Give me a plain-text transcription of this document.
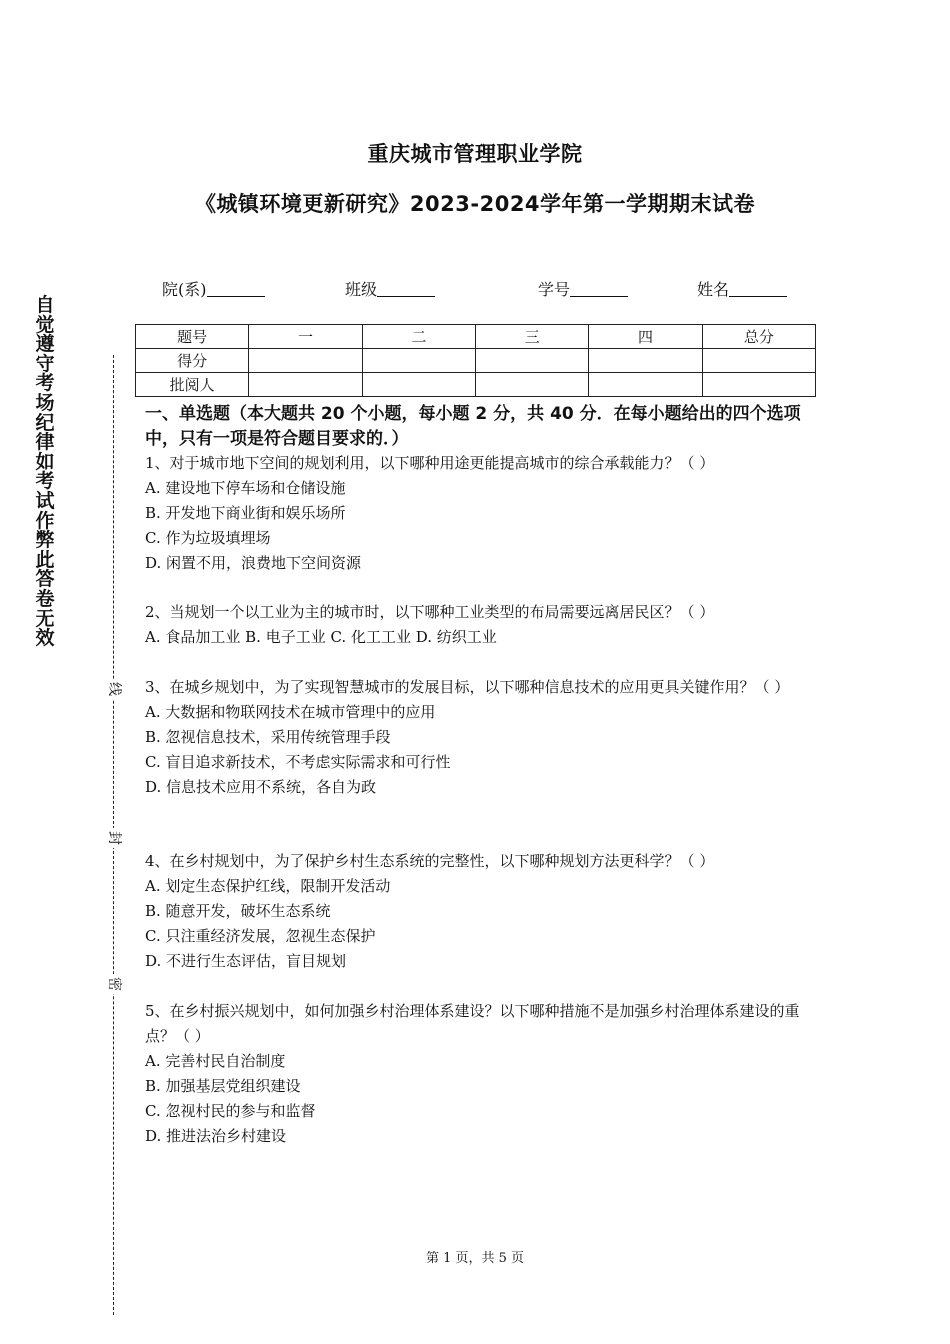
重庆城市管理职业学院
《城镇环境更新研究》2023-2024学年第一学期期末试卷
自觉遵守考场纪律如考试作弊此答卷无效
线
封
密
院(系)	班级	学号	姓名
题号	一	二	三	四	总分
得分					
批阅人					
一、单选题（本大题共 20 个小题，每小题 2 分，共 40 分．在每小题给出的四个选项中，只有一项是符合题目要求的．）
1、对于城市地下空间的规划利用，以下哪种用途更能提高城市的综合承载能力？（ ）
A. 建设地下停车场和仓储设施
B. 开发地下商业街和娱乐场所
C. 作为垃圾填埋场
D. 闲置不用，浪费地下空间资源
2、当规划一个以工业为主的城市时，以下哪种工业类型的布局需要远离居民区？（ ）
A. 食品加工业 B. 电子工业 C. 化工工业 D. 纺织工业
3、在城乡规划中，为了实现智慧城市的发展目标，以下哪种信息技术的应用更具关键作用？（ ）
A. 大数据和物联网技术在城市管理中的应用
B. 忽视信息技术，采用传统管理手段
C. 盲目追求新技术，不考虑实际需求和可行性
D. 信息技术应用不系统，各自为政
4、在乡村规划中，为了保护乡村生态系统的完整性，以下哪种规划方法更科学？（ ）
A. 划定生态保护红线，限制开发活动
B. 随意开发，破坏生态系统
C. 只注重经济发展，忽视生态保护
D. 不进行生态评估，盲目规划
5、在乡村振兴规划中，如何加强乡村治理体系建设？以下哪种措施不是加强乡村治理体系建设的重点？（ ）
A. 完善村民自治制度
B. 加强基层党组织建设
C. 忽视村民的参与和监督
D. 推进法治乡村建设
第 1 页，共 5 页
